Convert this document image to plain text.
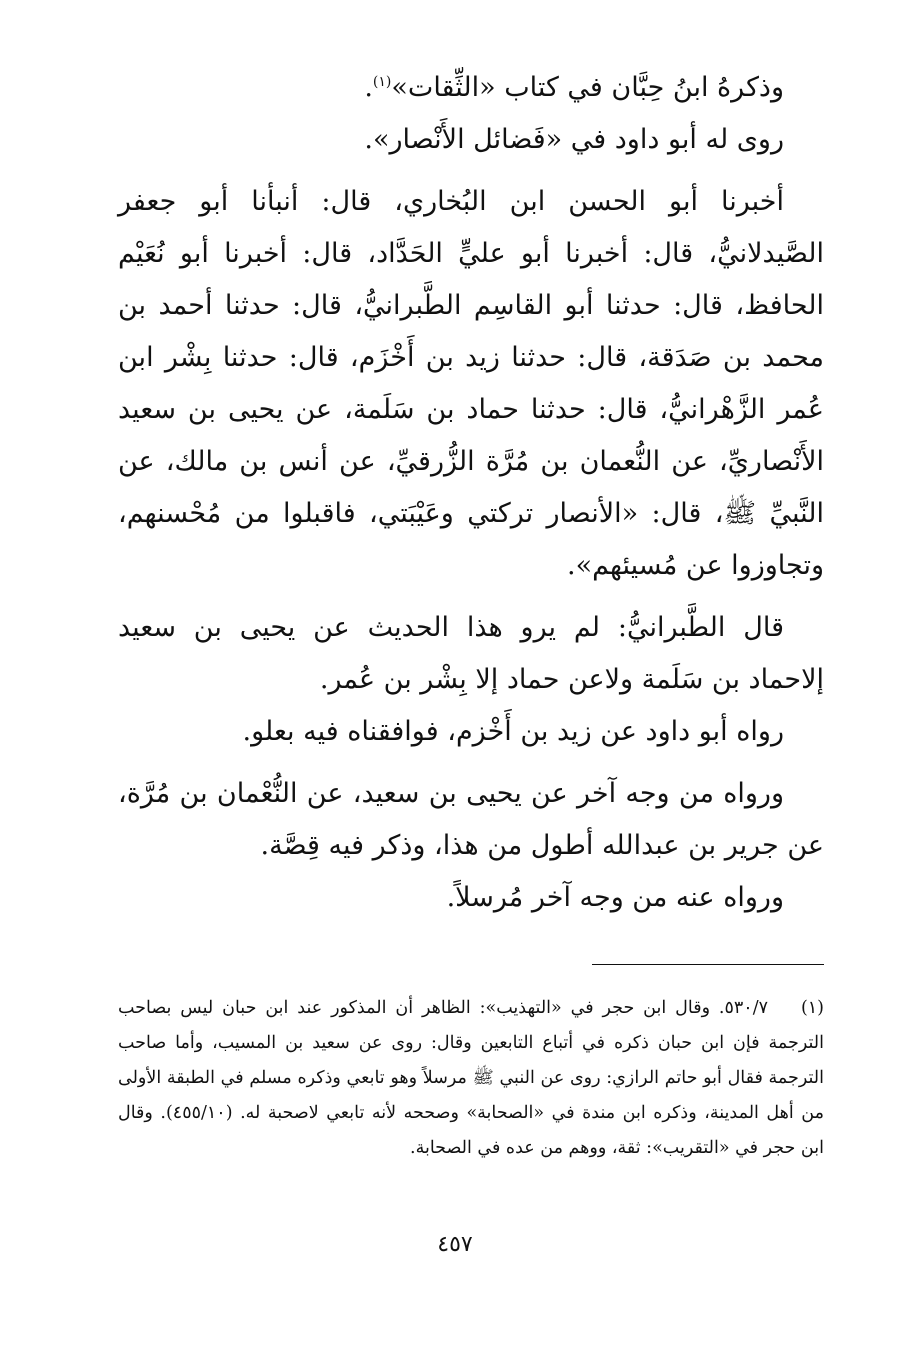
وذكرهُ ابنُ حِبَّان في كتاب «الثِّقات»$^{(١)}$.

روى له أبو داود في «فَضائل الأَنْصار».

أخبرنا أبو الحسن ابن البُخاري، قال: أنبأنا أبو جعفر الصَّيدلانيُّ، قال: أخبرنا أبو عليٍّ الحَدَّاد، قال: أخبرنا أبو نُعَيْم الحافظ، قال: حدثنا أبو القاسِم الطَّبرانيُّ، قال: حدثنا أحمد بن محمد بن صَدَقة، قال: حدثنا زيد بن أَخْزَم، قال: حدثنا بِشْر ابن عُمر الزَّهْرانيُّ، قال: حدثنا حماد بن سَلَمة، عن يحيى بن سعيد الأَنْصاريِّ، عن النُّعمان بن مُرَّة الزُّرقيِّ، عن أنس بن مالك، عن النَّبيِّ ﷺ، قال: «الأنصار تركتي وعَيْبَتي، فاقبلوا من مُحْسنهم، وتجاوزوا عن مُسيئهم».

قال الطَّبرانيُّ: لم يرو هذا الحديث عن يحيى بن سعيد إلاحماد بن سَلَمة ولاعن حماد إلا بِشْر بن عُمر.

رواه أبو داود عن زيد بن أَخْزم، فوافقناه فيه بعلو.

ورواه من وجه آخر عن يحيى بن سعيد، عن النُّعْمان بن مُرَّة، عن جرير بن عبدالله أطول من هذا، وذكر فيه قِصَّة.

ورواه عنه من وجه آخر مُرسلاً.

(١)٥٣٠/٧. وقال ابن حجر في «التهذيب»: الظاهر أن المذكور عند ابن حبان ليس بصاحب الترجمة فإن ابن حبان ذكره في أتباع التابعين وقال: روى عن سعيد بن المسيب، وأما صاحب الترجمة فقال أبو حاتم الرازي: روى عن النبي ﷺ مرسلاً وهو تابعي وذكره مسلم في الطبقة الأولى من أهل المدينة، وذكره ابن مندة في «الصحابة» وصححه لأنه تابعي لاصحبة له. (٤٥٥/١٠). وقال ابن حجر في «التقريب»: ثقة، ووهم من عده في الصحابة.

٤٥٧
